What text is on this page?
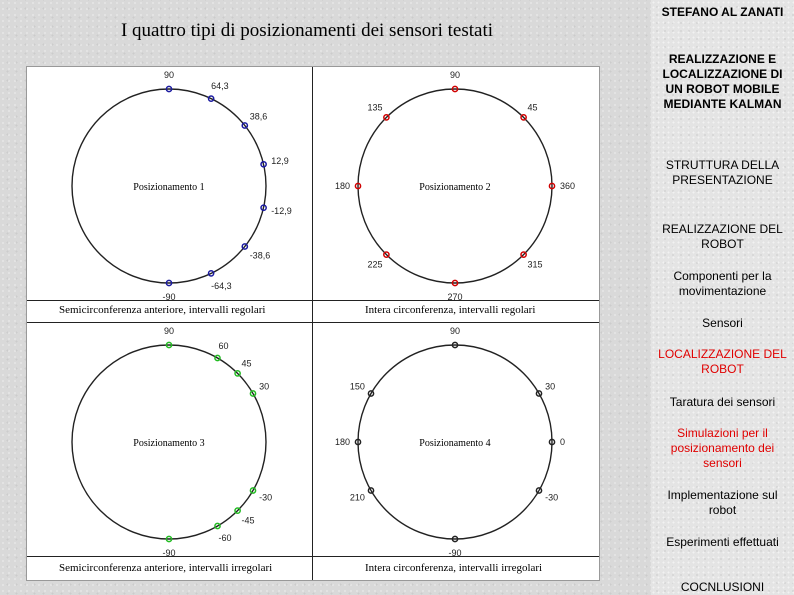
I quattro tipi di posizionamenti dei sensori testati
Posizionamento 1
90
64,3
38,6
12,9
-12,9
-38,6
-64,3
-90
Posizionamento 2
90
45
360
315
270
225
180
135
Posizionamento 3
90
60
45
30
-30
-45
-60
-90
Posizionamento 4
90
30
0
-30
-90
210
180
150
Semicirconferenza anteriore, intervalli regolari	Intera circonferenza, intervalli regolari
Semicirconferenza anteriore, intervalli irregolari	Intera circonferenza, intervalli irregolari
STEFANO AL ZANATI
REALIZZAZIONE E LOCALIZZAZIONE DI UN ROBOT MOBILE MEDIANTE KALMAN
STRUTTURA DELLA PRESENTAZIONE
REALIZZAZIONE DEL ROBOT
Componenti per la movimentazione
Sensori
LOCALIZZAZIONE DEL ROBOT
Taratura dei sensori
Simulazioni per il posizionamento dei sensori
Implementazione sul robot
Esperimenti effettuati
COCNLUSIONI
